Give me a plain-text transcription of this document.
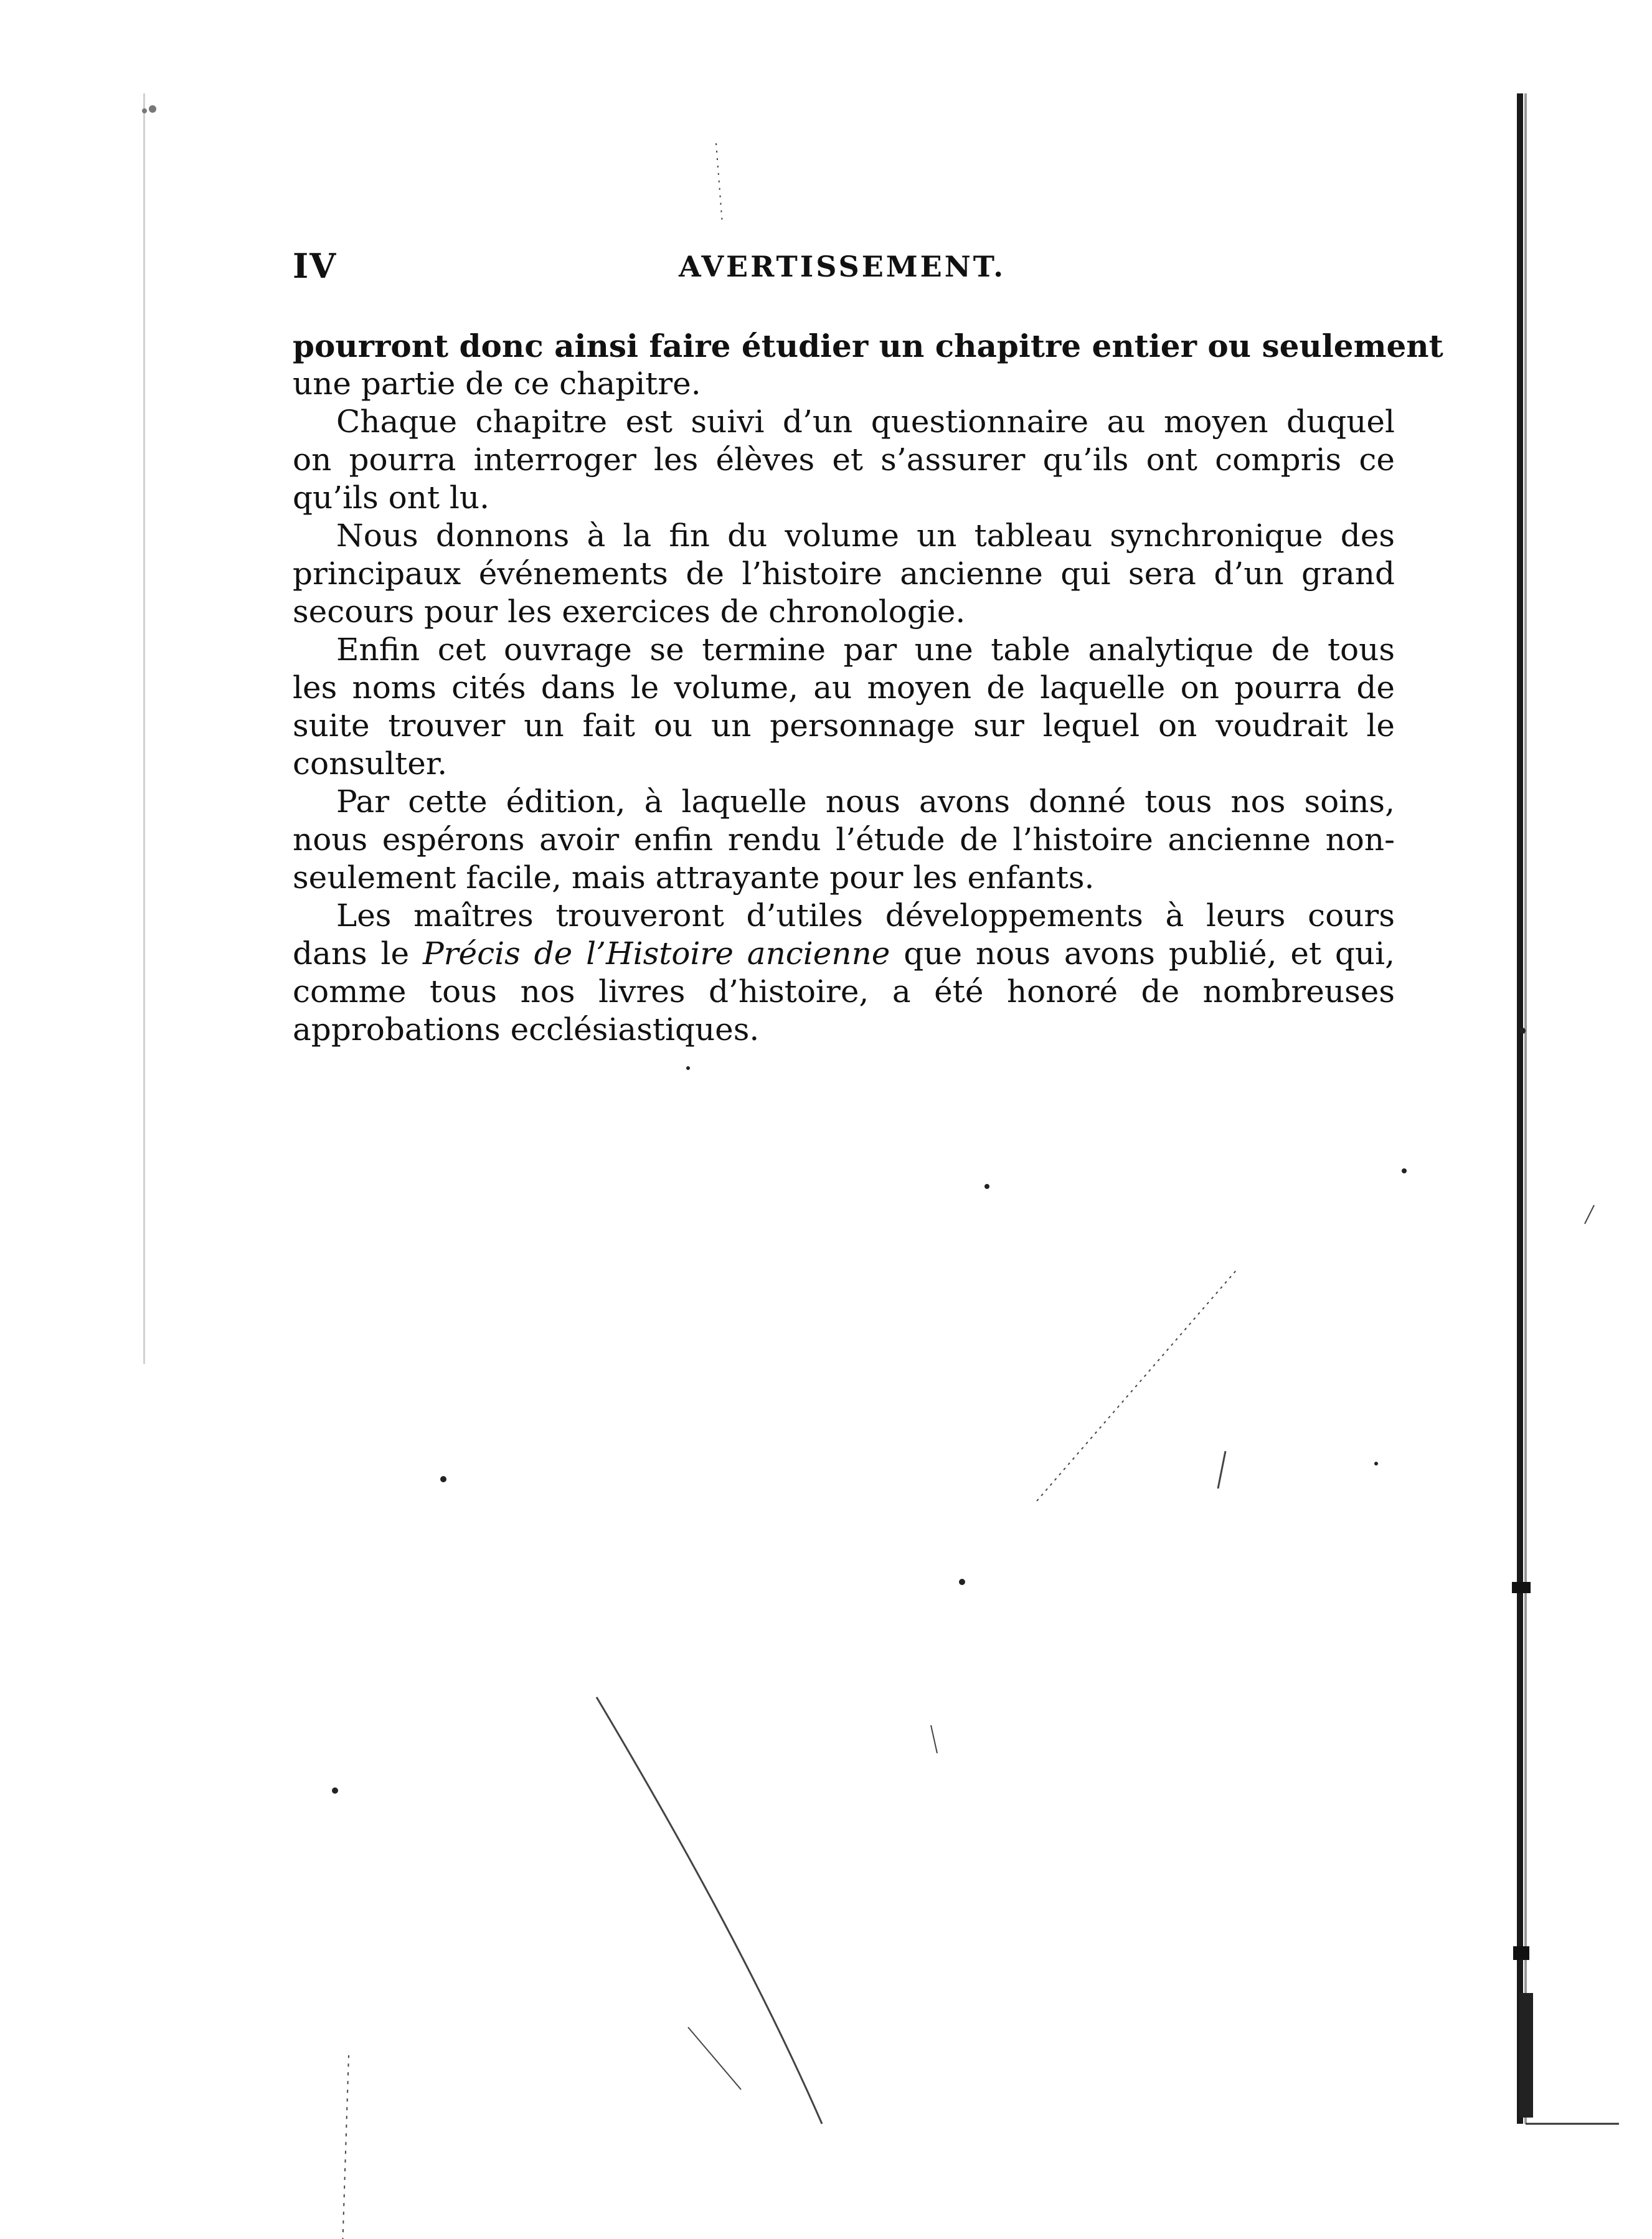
IV	AVERTISSEMENT.
pourront donc ainsi faire étudier un chapitre entier ou seulement
une partie de ce chapitre.
Chaque chapitre est suivi d’un questionnaire au moyen duquel
on pourra interroger les élèves et s’assurer qu’ils ont compris ce
qu’ils ont lu.
Nous donnons à la fin du volume un tableau synchronique des
principaux événements de l’histoire ancienne qui sera d’un grand
secours pour les exercices de chronologie.
Enfin cet ouvrage se termine par une table analytique de tous
les noms cités dans le volume, au moyen de laquelle on pourra de
suite trouver un fait ou un personnage sur lequel on voudrait le
consulter.
Par cette édition, à laquelle nous avons donné tous nos soins,
nous espérons avoir enfin rendu l’étude de l’histoire ancienne non-
seulement facile, mais attrayante pour les enfants.
Les maîtres trouveront d’utiles développements à leurs cours
dans le Précis de l’Histoire ancienne que nous avons publié, et qui,
comme tous nos livres d’histoire, a été honoré de nombreuses
approbations ecclésiastiques.
